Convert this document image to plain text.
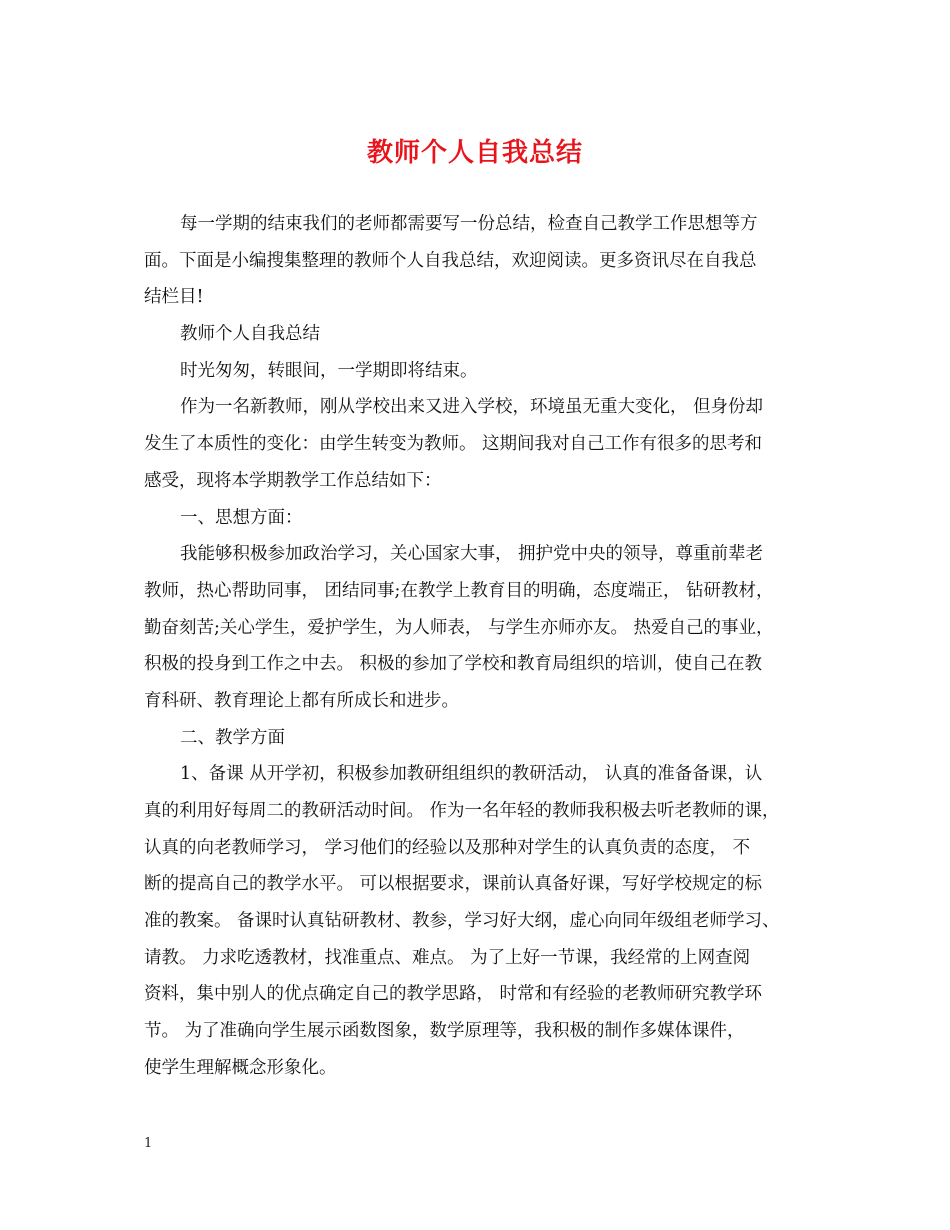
教师个人自我总结
每一学期的结束我们的老师都需要写一份总结，检查自己教学工作思想等方
面。下面是小编搜集整理的教师个人自我总结，欢迎阅读。更多资讯尽在自我总
结栏目!
教师个人自我总结
时光匆匆，转眼间，一学期即将结束。
作为一名新教师，刚从学校出来又进入学校，环境虽无重大变化， 但身份却
发生了本质性的变化：由学生转变为教师。 这期间我对自己工作有很多的思考和
感受，现将本学期教学工作总结如下：
一、思想方面：
我能够积极参加政治学习，关心国家大事， 拥护党中央的领导，尊重前辈老
教师，热心帮助同事， 团结同事;在教学上教育目的明确，态度端正， 钻研教材，
勤奋刻苦;关心学生，爱护学生，为人师表， 与学生亦师亦友。 热爱自己的事业，
积极的投身到工作之中去。 积极的参加了学校和教育局组织的培训，使自己在教
育科研、教育理论上都有所成长和进步。
二、教学方面
1、备课 从开学初，积极参加教研组组织的教研活动， 认真的准备备课，认
真的利用好每周二的教研活动时间。 作为一名年轻的教师我积极去听老教师的课，
认真的向老教师学习， 学习他们的经验以及那种对学生的认真负责的态度， 不
断的提高自己的教学水平。 可以根据要求，课前认真备好课，写好学校规定的标
准的教案。 备课时认真钻研教材、教参，学习好大纲，虚心向同年级组老师学习、
请教。 力求吃透教材，找准重点、难点。 为了上好一节课，我经常的上网查阅
资料，集中别人的优点确定自己的教学思路， 时常和有经验的老教师研究教学环
节。 为了准确向学生展示函数图象，数学原理等，我积极的制作多媒体课件，
使学生理解概念形象化。
1
